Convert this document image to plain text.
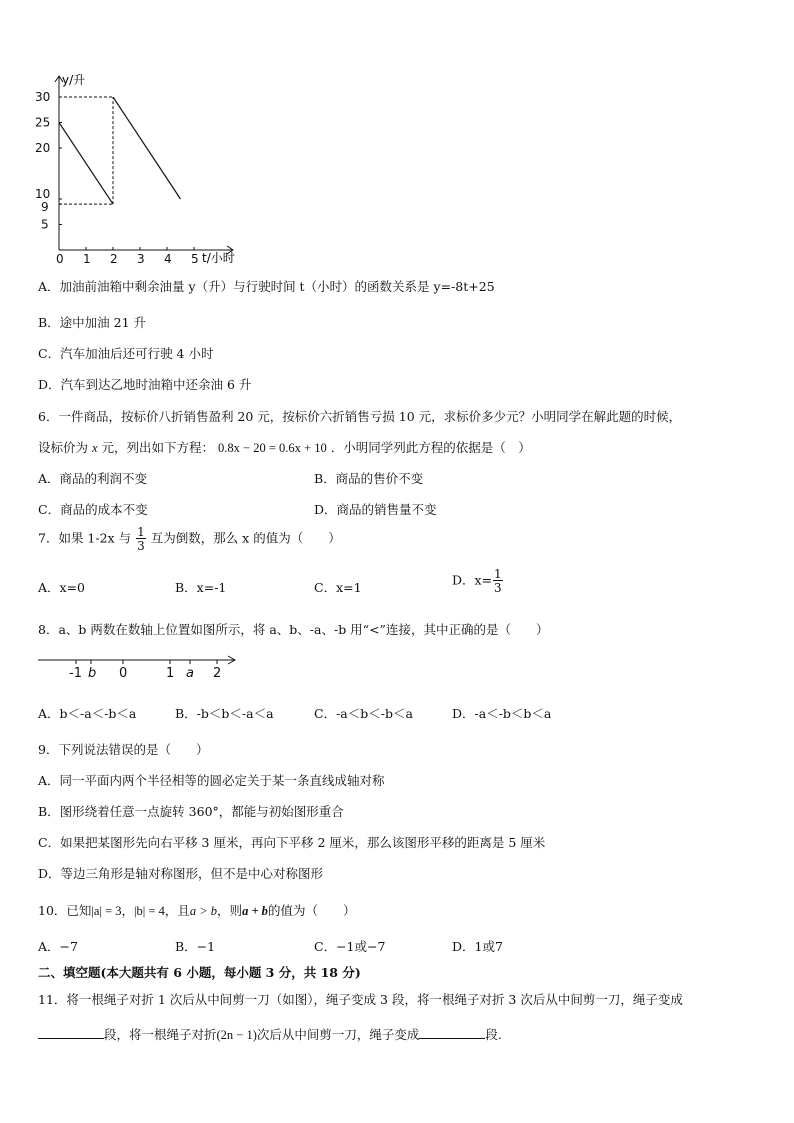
0 1 2 3 4 5
5
9
10
20
25
30
y/升
t/小时
A．加油前油箱中剩余油量 y（升）与行驶时间 t（小时）的函数关系是 y=-8t+25
B．途中加油 21 升
C．汽车加油后还可行驶 4 小时
D．汽车到达乙地时油箱中还余油 6 升
6．一件商品，按标价八折销售盈利 20 元，按标价六折销售亏损 10 元，求标价多少元？小明同学在解此题的时候，
设标价为 x 元，列出如下方程： 0.8x − 20 = 0.6x + 10 ．小明同学列此方程的依据是（　）
A．商品的利润不变	B．商品的售价不变
C．商品的成本不变	D．商品的销售量不变
7．如果 1-2x 与 $\frac{1}{3}$ 互为倒数，那么 x 的值为（　　）
A．x=0	B．x=-1	C．x=1	D．$x= \frac{1}{3}$
8．a、b 两数在数轴上位置如图所示，将 a、b、-a、-b 用“<”连接，其中正确的是（　　）
-1 b 0	1 a 2
A．b＜-a＜-b＜a	B．-b＜b＜-a＜a	C．-a＜b＜-b＜a	D．-a＜-b＜b＜a
9．下列说法错误的是（　　）
A．同一平面内两个半径相等的圆必定关于某一条直线成轴对称
B．图形绕着任意一点旋转 360°，都能与初始图形重合
C．如果把某图形先向右平移 3 厘米，再向下平移 2 厘米，那么该图形平移的距离是 5 厘米
D．等边三角形是轴对称图形，但不是中心对称图形
10．已知|a| = 3，|b| = 4，且a > b，则a + b的值为（　　）
A．−7	B．−1	C．−1或−7	D．1或7
二、填空题(本大题共有 6 小题，每小题 3 分，共 18 分)
11．将一根绳子对折 1 次后从中间剪一刀（如图），绳子变成 3 段，将一根绳子对折 3 次后从中间剪一刀，绳子变成
段，将一根绳子对折(2n − 1)次后从中间剪一刀，绳子变成	段.
